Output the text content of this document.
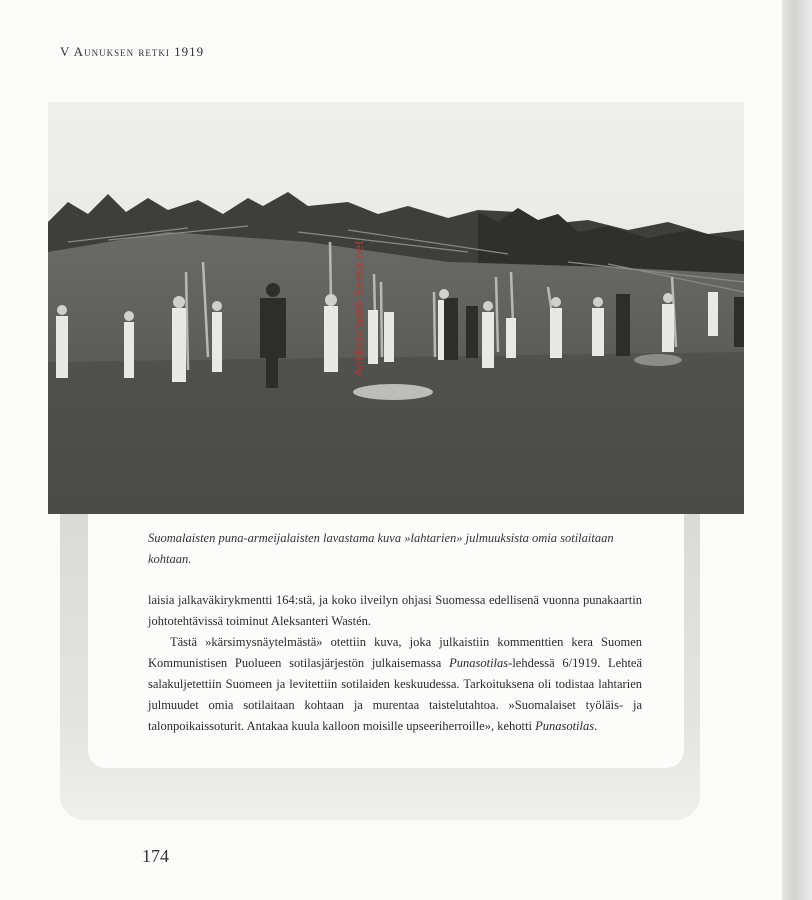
V Aunuksen retki 1919
Antikvariaatti Seeta.net
Suomalaisten puna-armeijalaisten lavastama kuva »lahtarien» julmuuksista omia sotilaitaan kohtaan.

laisia jalkaväkirykmentti 164:stä, ja koko ilveilyn ohjasi Suomessa edellisenä vuonna punakaartin johtotehtävissä toiminut Aleksanteri Wastén.

Tästä »kärsimysnäytelmästä» otettiin kuva, joka julkaistiin kommenttien kera Suomen Kommunistisen Puolueen sotilasjärjestön julkaisemassa Punasotilas-lehdessä 6/1919. Lehteä salakuljetettiin Suomeen ja levitettiin sotilaiden keskuudessa. Tarkoituksena oli todistaa lahtarien julmuudet omia sotilaitaan kohtaan ja murentaa taistelutahtoa. »Suomalaiset työläis- ja talonpoikaissoturit. Antakaa kuula kalloon moisille upseeriherroille», kehotti Punasotilas.

174
